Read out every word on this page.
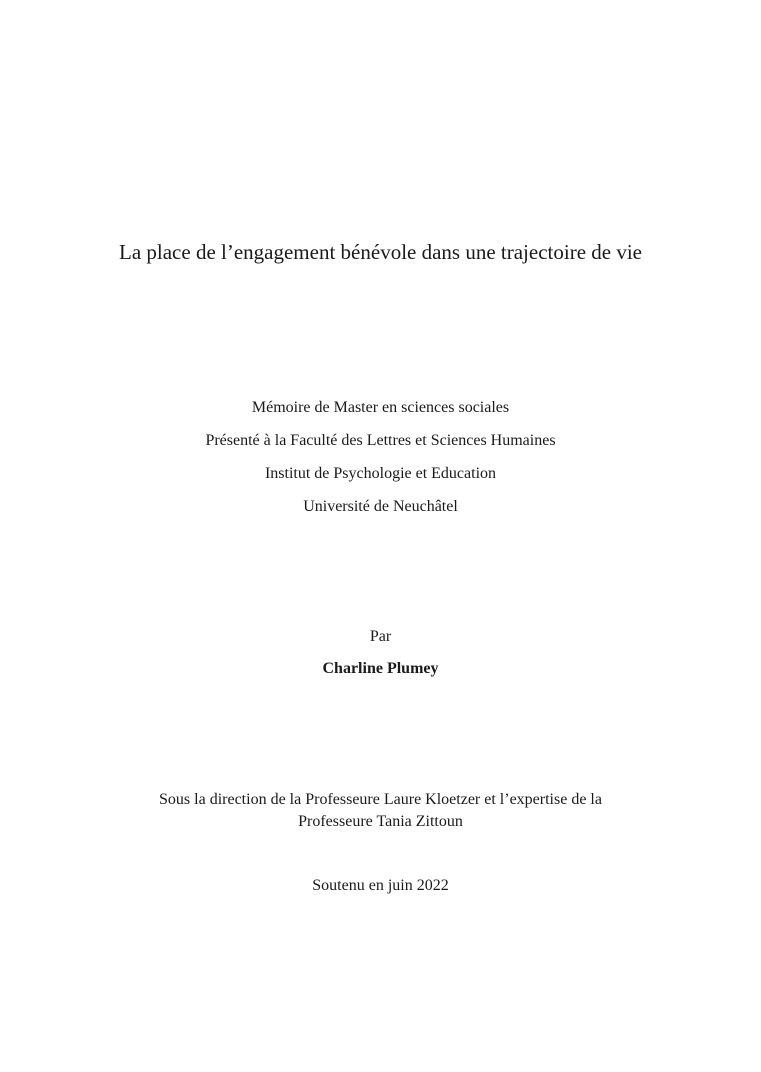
La place de l’engagement bénévole dans une trajectoire de vie
Mémoire de Master en sciences sociales
Présenté à la Faculté des Lettres et Sciences Humaines
Institut de Psychologie et Education
Université de Neuchâtel
Par
Charline Plumey
Sous la direction de la Professeure Laure Kloetzer et l’expertise de la
Professeure Tania Zittoun
Soutenu en juin 2022
